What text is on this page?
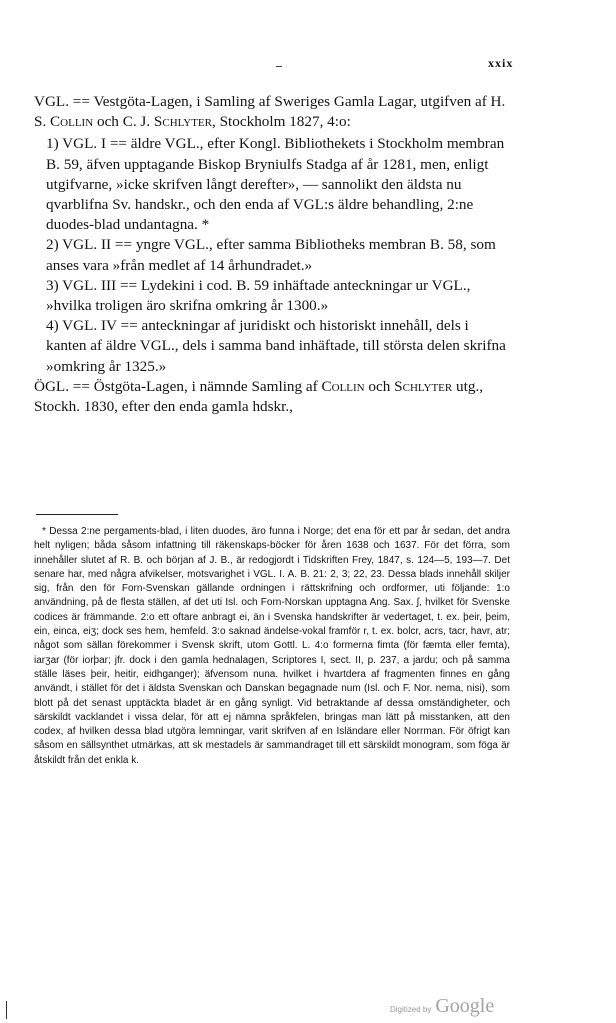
xxix
VGL. == Vestgöta-Lagen, i Samling af Sweriges Gamla Lagar, utgifven af H. S. Collin och C. J. Schlyter, Stockholm 1827, 4:o:
1) VGL. I == äldre VGL., efter Kongl. Bibliothekets i Stockholm membran B. 59, äfven upptagande Biskop Bryniulfs Stadga af år 1281, men, enligt utgifvarne, »icke skrifven långt derefter», — sannolikt den äldsta nu qvarblifna Sv. handskr., och den enda af VGL:s äldre behandling, 2:ne duodes-blad undantagna. *
2) VGL. II == yngre VGL., efter samma Bibliotheks membran B. 58, som anses vara »från medlet af 14 århundradet.»
3) VGL. III == Lydekini i cod. B. 59 inhäftade anteckningar ur VGL., »hvilka troligen äro skrifna omkring år 1300.»
4) VGL. IV == anteckningar af juridiskt och historiskt innehåll, dels i kanten af äldre VGL., dels i samma band inhäftade, till största delen skrifna »omkring år 1325.»
ÖGL. == Östgöta-Lagen, i nämnde Samling af Collin och Schlyter utg., Stockh. 1830, efter den enda gamla hdskr.,
* Dessa 2:ne pergaments-blad, i liten duodes, äro funna i Norge; det ena för ett par år sedan, det andra helt nyligen; båda såsom infattning till räkenskaps-böcker för åren 1638 och 1637. För det förra, som innehåller slutet af R. B. och början af J. B., är redogjordt i Tidskriften Frey, 1847, s. 124—5, 193—7. Det senare har, med några afvikelser, motsvarighet i VGL. I. A. B. 21: 2, 3; 22, 23. Dessa blads innehåll skiljer sig, från den för Forn-Svenskan gällande ordningen i rättskrifning och ordformer, uti följande: 1:o användning, på de flesta ställen, af det uti Isl. och Forn-Norskan upptagna Ang. Sax. ʃ, hvilket för Svenske codices är främmande. 2:o ett oftare anbragt ei, än i Svenska handskrifter är vedertaget, t. ex. þeir, þeim, ein, einca, eiʒ; dock ses hem, hemfeld. 3:o saknad ändelse-vokal framför r, t. ex. bolcr, acrs, tacr, havr, atr; något som sällan förekommer i Svensk skrift, utom Gottl. L. 4:o formerna fimta (för fæmta eller femta), iarʒar (för iorþar; jfr. dock i den gamla hednalagen, Scriptores I, sect. II, p. 237, a jardu; och på samma ställe läses þeir, heitir, eidhganger); äfvensom nuna. hvilket i hvartdera af fragmenten finnes en gång användt, i stället för det i äldsta Svenskan och Danskan begagnade num (Isl. och F. Nor. nema, nisi), som blott på det senast upptäckta bladet är en gång synligt. Vid betraktande af dessa omständigheter, och särskildt vacklandet i vissa delar, för att ej nämna språkfelen, bringas man lätt på misstanken, att den codex, af hvilken dessa blad utgöra lemningar, varit skrifven af en Isländare eller Norrman. För öfrigt kan såsom en sällsynthet utmärkas, att sk mestadels är sammandraget till ett särskildt monogram, som föga är åtskildt från det enkla k.
Digitized by Google
